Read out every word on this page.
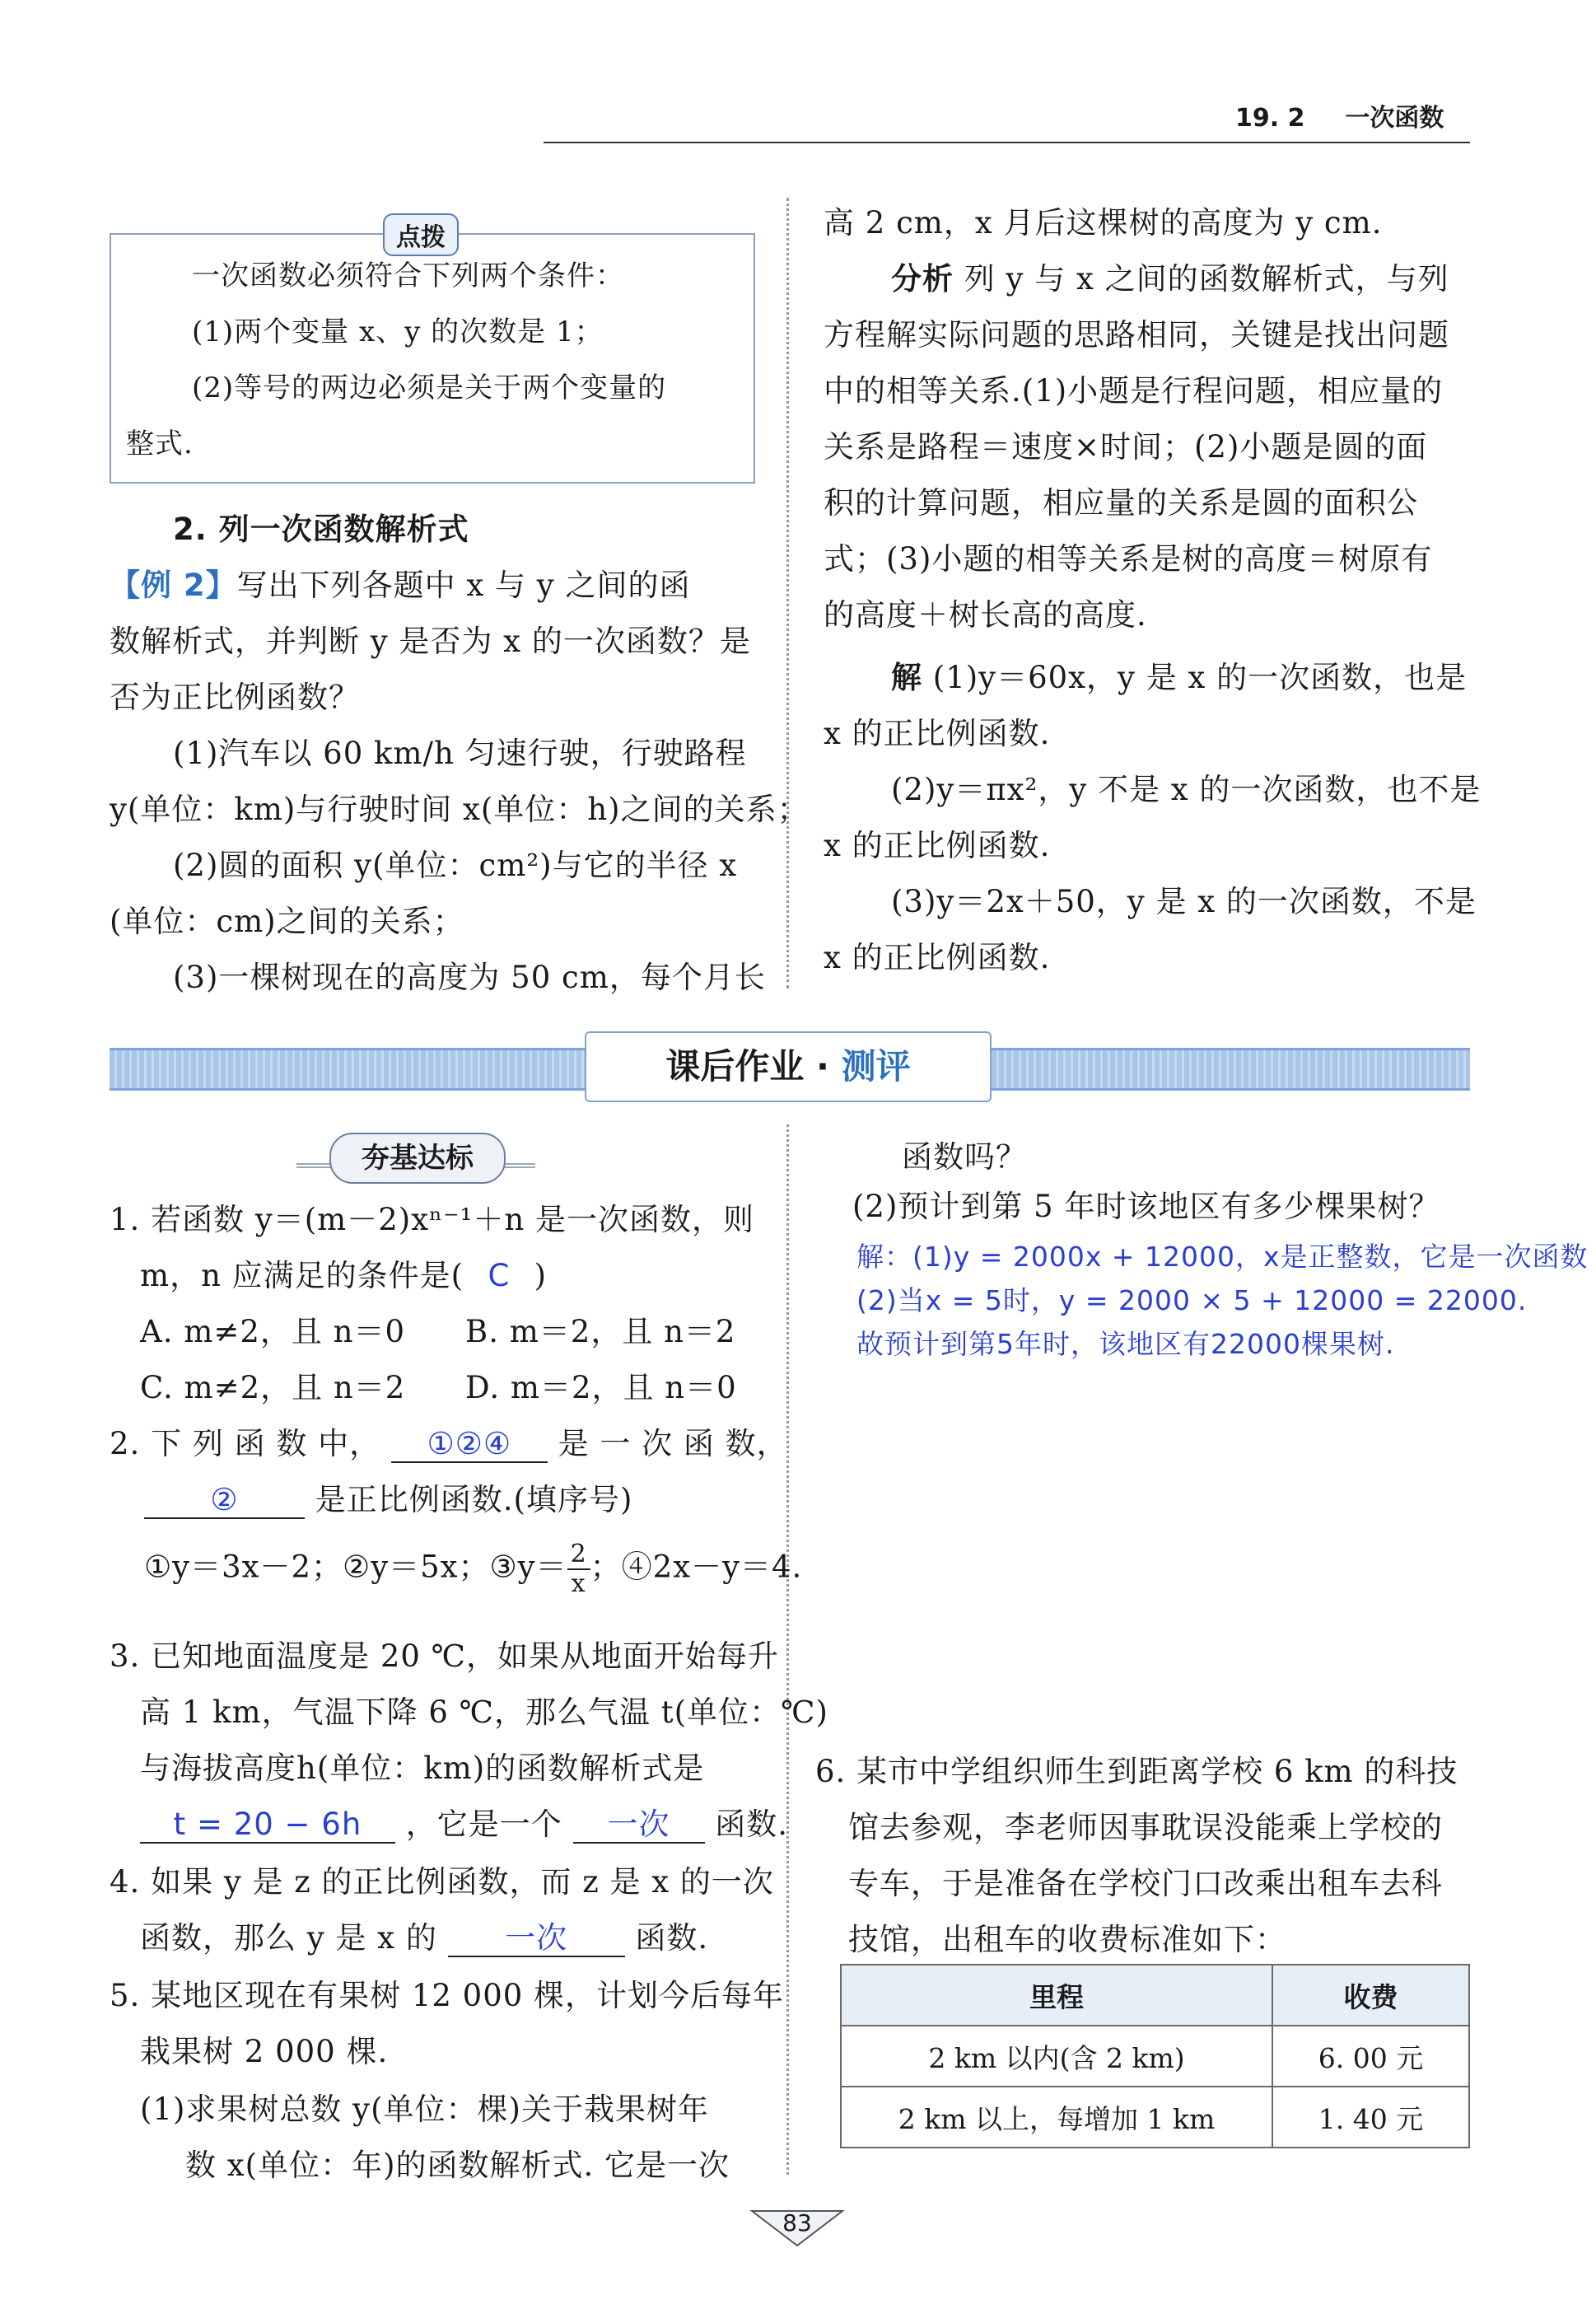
19. 2 一次函数
点拨
一次函数必须符合下列两个条件：
(1)两个变量 x、y 的次数是 1；
(2)等号的两边必须是关于两个变量的
整式.
2. 列一次函数解析式
【例 2】写出下列各题中 x 与 y 之间的函
数解析式，并判断 y 是否为 x 的一次函数？是
否为正比例函数？
(1)汽车以 60 km/h 匀速行驶，行驶路程
y(单位：km)与行驶时间 x(单位：h)之间的关系；
(2)圆的面积 y(单位：cm²)与它的半径 x
(单位：cm)之间的关系；
(3)一棵树现在的高度为 50 cm，每个月长
高 2 cm，x 月后这棵树的高度为 y cm.
分析 列 y 与 x 之间的函数解析式，与列
方程解实际问题的思路相同，关键是找出问题
中的相等关系.(1)小题是行程问题，相应量的
关系是路程＝速度×时间；(2)小题是圆的面
积的计算问题，相应量的关系是圆的面积公
式；(3)小题的相等关系是树的高度＝树原有
的高度＋树长高的高度.
解 (1)y＝60x，y 是 x 的一次函数，也是
x 的正比例函数.
(2)y＝πx²，y 不是 x 的一次函数，也不是
x 的正比例函数.
(3)y＝2x＋50，y 是 x 的一次函数，不是
x 的正比例函数.
课后作业 · 测评
夯基达标
1. 若函数 y＝(m－2)xⁿ⁻¹＋n 是一次函数，则
m，n 应满足的条件是( C )
A. m≠2，且 n＝0 B. m＝2，且 n＝2
C. m≠2，且 n＝2 D. m＝2，且 n＝0
2. 下 列 函 数 中， ①②④ 是 一 次 函 数，
②	是正比例函数.(填序号)
①y＝3x－2；②y＝5x；③y＝ $\frac{2}{x}$ ；④2x－y＝4.
3. 已知地面温度是 20 ℃，如果从地面开始每升
高 1 km，气温下降 6 ℃，那么气温 t(单位：℃)
与海拔高度h(单位：km)的函数解析式是
t = 20 − 6h ，它是一个 一次 函数.
4. 如果 y 是 z 的正比例函数，而 z 是 x 的一次
函数，那么 y 是 x 的 一次 函数.
5. 某地区现在有果树 12 000 棵，计划今后每年
栽果树 2 000 棵.
(1)求果树总数 y(单位：棵)关于栽果树年
数 x(单位：年)的函数解析式. 它是一次
函数吗？
(2)预计到第 5 年时该地区有多少棵果树？
解：(1)y = 2000x + 12000，x是正整数，它是一次函数
(2)当x = 5时，y = 2000 × 5 + 12000 = 22000.
故预计到第5年时，该地区有22000棵果树.
6. 某市中学组织师生到距离学校 6 km 的科技
馆去参观，李老师因事耽误没能乘上学校的
专车，于是准备在学校门口改乘出租车去科
技馆，出租车的收费标准如下：
里程	收费
2 km 以内(含 2 km)	6. 00 元
2 km 以上，每增加 1 km	1. 40 元
83
